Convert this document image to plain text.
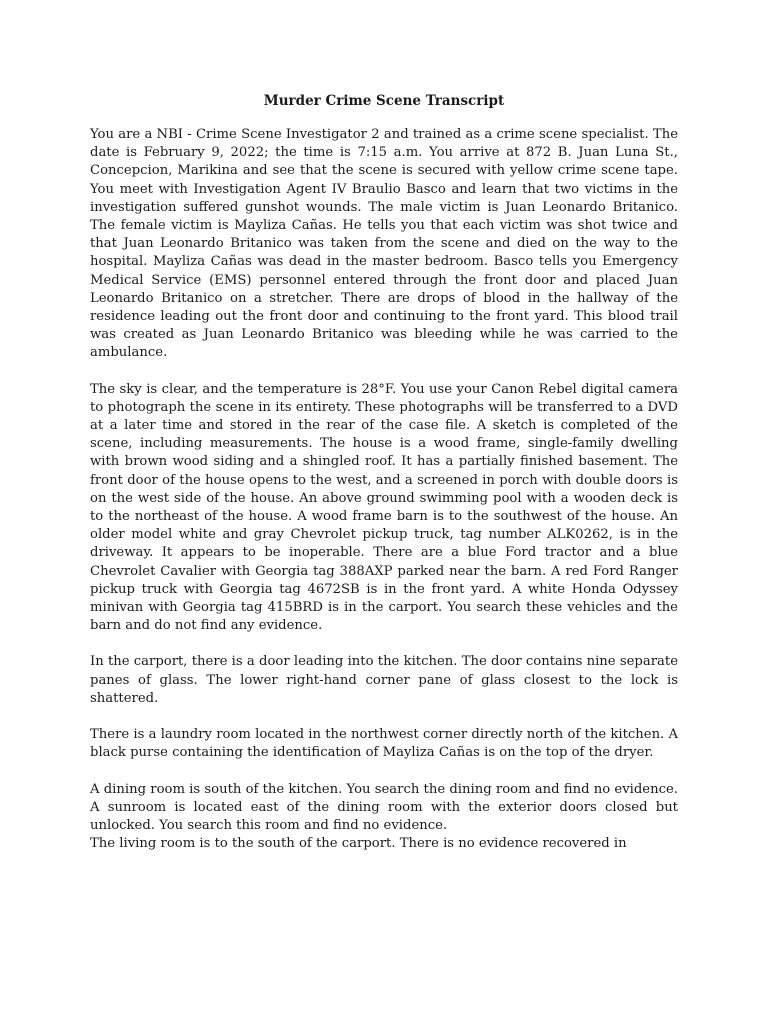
Murder Crime Scene Transcript

You are a NBI - Crime Scene Investigator 2 and trained as a crime scene specialist. The date is February 9, 2022; the time is 7:15 a.m. You arrive at 872 B. Juan Luna St., Concepcion, Marikina and see that the scene is secured with yellow crime scene tape. You meet with Investigation Agent IV Braulio Basco and learn that two victims in the investigation suffered gunshot wounds. The male victim is Juan Leonardo Britanico. The female victim is Mayliza Cañas. He tells you that each victim was shot twice and that Juan Leonardo Britanico was taken from the scene and died on the way to the hospital. Mayliza Cañas was dead in the master bedroom. Basco tells you Emergency Medical Service (EMS) personnel entered through the front door and placed Juan Leonardo Britanico on a stretcher. There are drops of blood in the hallway of the residence leading out the front door and continuing to the front yard. This blood trail was created as Juan Leonardo Britanico was bleeding while he was carried to the ambulance.

The sky is clear, and the temperature is 28°F. You use your Canon Rebel digital camera to photograph the scene in its entirety. These photographs will be transferred to a DVD at a later time and stored in the rear of the case file. A sketch is completed of the scene, including measurements. The house is a wood frame, single-family dwelling with brown wood siding and a shingled roof. It has a partially finished basement. The front door of the house opens to the west, and a screened in porch with double doors is on the west side of the house. An above ground swimming pool with a wooden deck is to the northeast of the house. A wood frame barn is to the southwest of the house. An older model white and gray Chevrolet pickup truck, tag number ALK0262, is in the driveway. It appears to be inoperable. There are a blue Ford tractor and a blue Chevrolet Cavalier with Georgia tag 388AXP parked near the barn. A red Ford Ranger pickup truck with Georgia tag 4672SB is in the front yard. A white Honda Odyssey minivan with Georgia tag 415BRD is in the carport. You search these vehicles and the barn and do not find any evidence.

In the carport, there is a door leading into the kitchen. The door contains nine separate panes of glass. The lower right-hand corner pane of glass closest to the lock is shattered.

There is a laundry room located in the northwest corner directly north of the kitchen. A black purse containing the identification of Mayliza Cañas is on the top of the dryer.

A dining room is south of the kitchen. You search the dining room and find no evidence. A sunroom is located east of the dining room with the exterior doors closed but unlocked. You search this room and find no evidence.

The living room is to the south of the carport. There is no evidence recovered in
